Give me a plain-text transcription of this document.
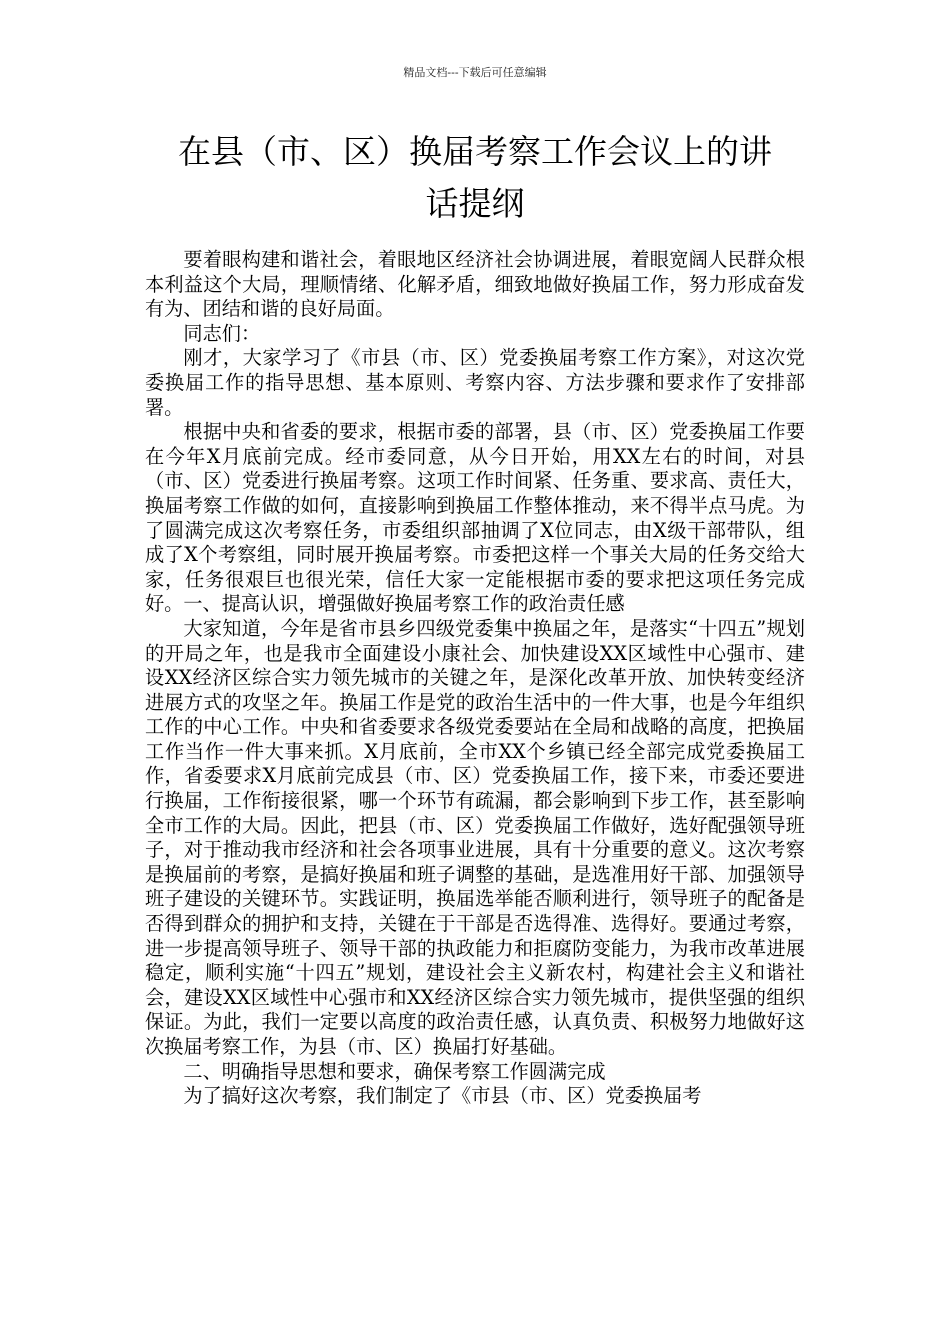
精品文档---下载后可任意编辑
在县（市、区）换届考察工作会议上的讲
话提纲

要着眼构建和谐社会，着眼地区经济社会协调进展，着眼宽阔人民群众根本利益这个大局，理顺情绪、化解矛盾，细致地做好换届工作，努力形成奋发有为、团结和谐的良好局面。

同志们：

刚才，大家学习了《市县（市、区）党委换届考察工作方案》，对这次党委换届工作的指导思想、基本原则、考察内容、方法步骤和要求作了安排部署。

根据中央和省委的要求，根据市委的部署，县（市、区）党委换届工作要在今年X月底前完成。经市委同意，从今日开始，用XX左右的时间，对县（市、区）党委进行换届考察。这项工作时间紧、任务重、要求高、责任大，换届考察工作做的如何，直接影响到换届工作整体推动，来不得半点马虎。为了圆满完成这次考察任务，市委组织部抽调了X位同志，由X级干部带队，组成了X个考察组，同时展开换届考察。市委把这样一个事关大局的任务交给大家，任务很艰巨也很光荣，信任大家一定能根据市委的要求把这项任务完成好。一、提高认识，增强做好换届考察工作的政治责任感

大家知道，今年是省市县乡四级党委集中换届之年，是落实“十四五”规划的开局之年，也是我市全面建设小康社会、加快建设XX区域性中心强市、建设XX经济区综合实力领先城市的关键之年，是深化改革开放、加快转变经济进展方式的攻坚之年。换届工作是党的政治生活中的一件大事，也是今年组织工作的中心工作。中央和省委要求各级党委要站在全局和战略的高度，把换届工作当作一件大事来抓。X月底前，全市XX个乡镇已经全部完成党委换届工作，省委要求X月底前完成县（市、区）党委换届工作，接下来，市委还要进行换届，工作衔接很紧，哪一个环节有疏漏，都会影响到下步工作，甚至影响全市工作的大局。因此，把县（市、区）党委换届工作做好，选好配强领导班子，对于推动我市经济和社会各项事业进展，具有十分重要的意义。这次考察是换届前的考察，是搞好换届和班子调整的基础，是选准用好干部、加强领导班子建设的关键环节。实践证明，换届选举能否顺利进行，领导班子的配备是否得到群众的拥护和支持，关键在于干部是否选得准、选得好。要通过考察，进一步提高领导班子、领导干部的执政能力和拒腐防变能力，为我市改革进展稳定，顺利实施“十四五”规划，建设社会主义新农村，构建社会主义和谐社会，建设XX区域性中心强市和XX经济区综合实力领先城市，提供坚强的组织保证。为此，我们一定要以高度的政治责任感，认真负责、积极努力地做好这次换届考察工作，为县（市、区）换届打好基础。

二、明确指导思想和要求，确保考察工作圆满完成

为了搞好这次考察，我们制定了《市县（市、区）党委换届考
